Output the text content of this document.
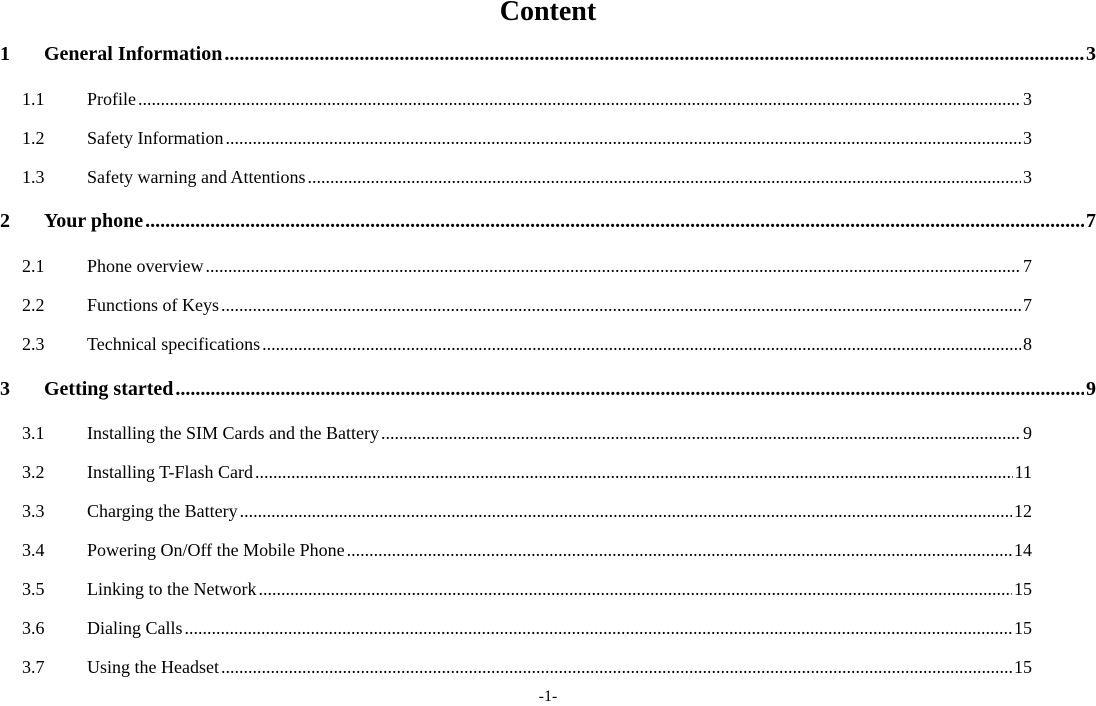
Content
1	General Information .....	3
1.1	Profile .....	3
1.2	Safety Information .....	3
1.3	Safety warning and Attentions .....	3
2	Your phone .....	7
2.1	Phone overview .....	7
2.2	Functions of Keys .....	7
2.3	Technical specifications .....	8
3	Getting started .....	9
3.1	Installing the SIM Cards and the Battery .....	9
3.2	Installing T-Flash Card .....	11
3.3	Charging the Battery .....	12
3.4	Powering On/Off the Mobile Phone .....	14
3.5	Linking to the Network .....	15
3.6	Dialing Calls .....	15
3.7	Using the Headset .....	15
-1-
